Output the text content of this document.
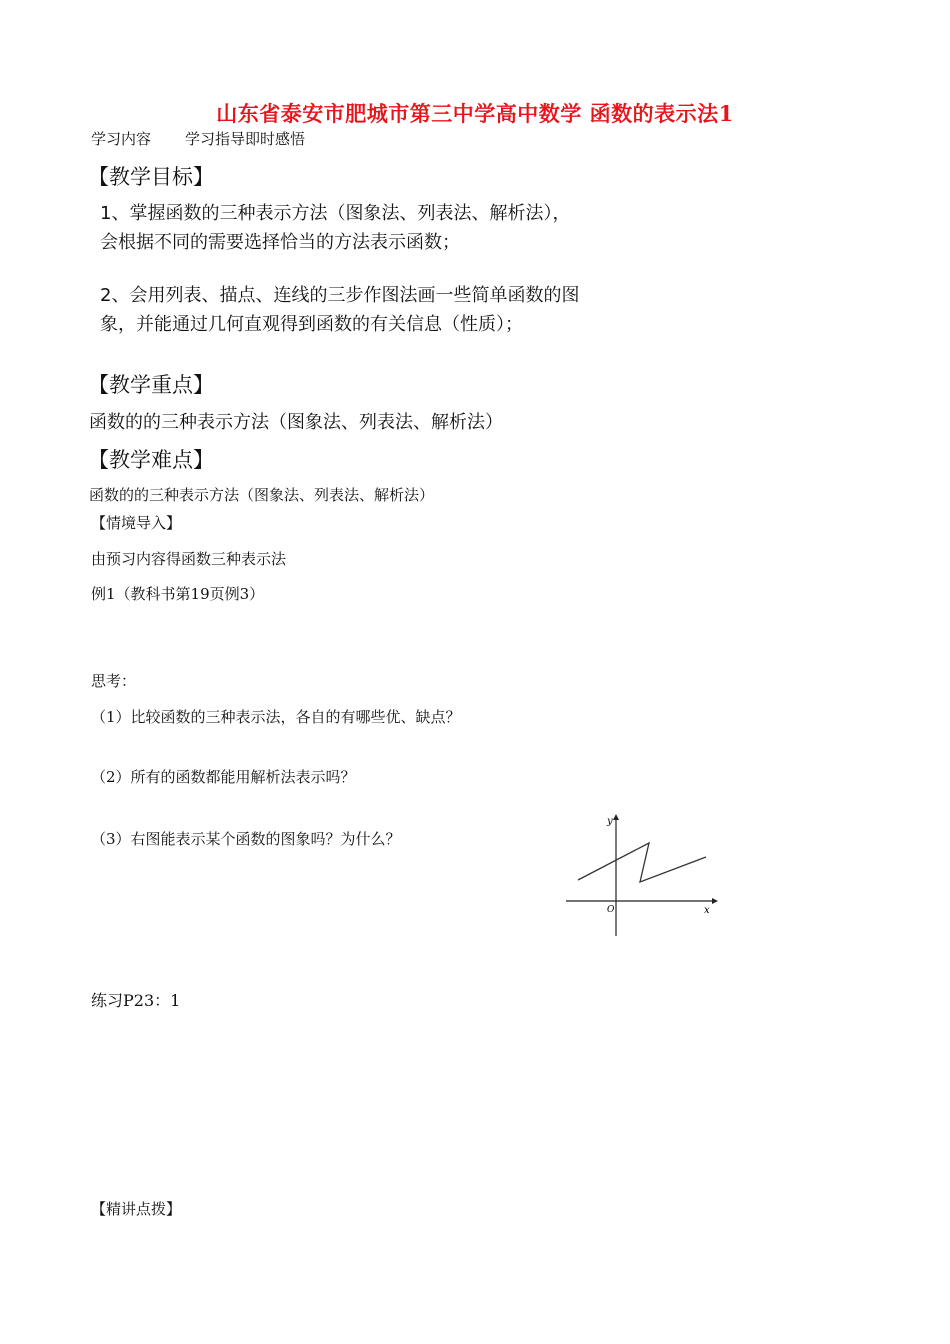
山东省泰安市肥城市第三中学高中数学 函数的表示法1
学习内容 学习指导即时感悟
【教学目标】
1、掌握函数的三种表示方法（图象法、列表法、解析法），
会根据不同的需要选择恰当的方法表示函数；
2、会用列表、描点、连线的三步作图法画一些简单函数的图
象，并能通过几何直观得到函数的有关信息（性质）；
【教学重点】
函数的的三种表示方法（图象法、列表法、解析法）
【教学难点】
函数的的三种表示方法（图象法、列表法、解析法）
【情境导入】
由预习内容得函数三种表示法
例1（教科书第19页例3）
思考：
（1）比较函数的三种表示法，各自的有哪些优、缺点？
（2）所有的函数都能用解析法表示吗？
（3）右图能表示某个函数的图象吗？为什么？
y
x
O
练习P23：1
【精讲点拨】
